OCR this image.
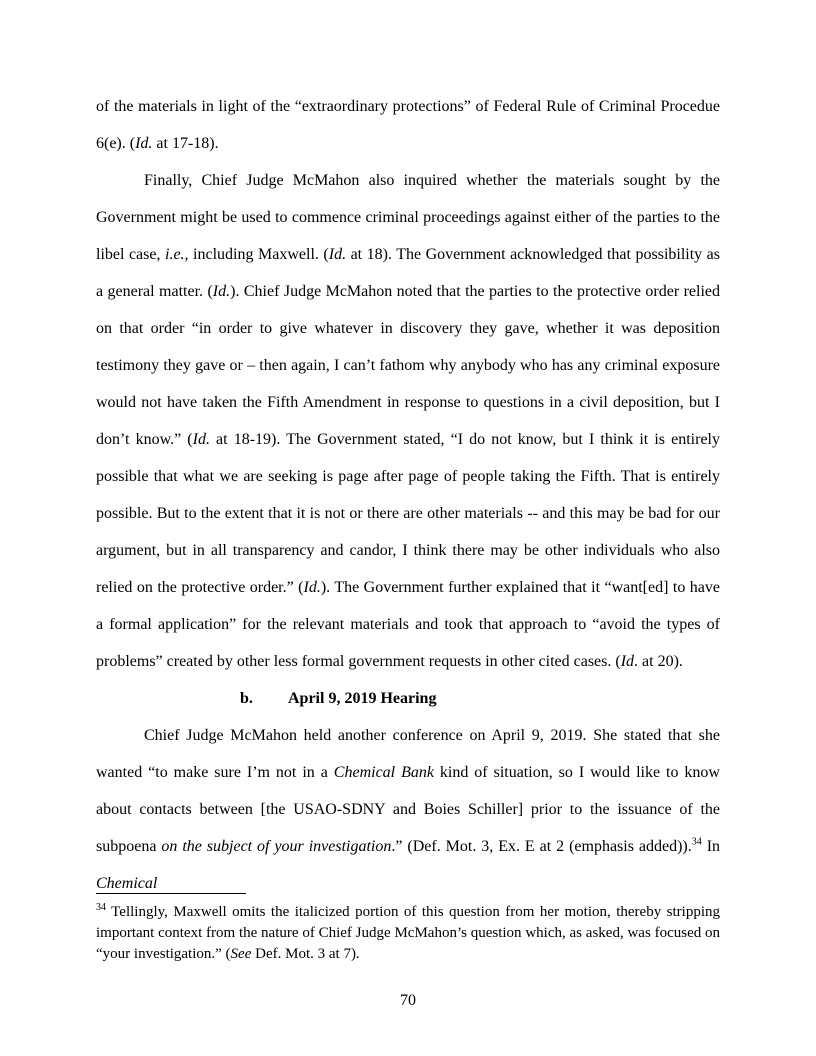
of the materials in light of the “extraordinary protections” of Federal Rule of Criminal Procedue 6(e). (Id. at 17-18).

Finally, Chief Judge McMahon also inquired whether the materials sought by the Government might be used to commence criminal proceedings against either of the parties to the libel case, i.e., including Maxwell. (Id. at 18). The Government acknowledged that possibility as a general matter. (Id.). Chief Judge McMahon noted that the parties to the protective order relied on that order “in order to give whatever in discovery they gave, whether it was deposition testimony they gave or – then again, I can’t fathom why anybody who has any criminal exposure would not have taken the Fifth Amendment in response to questions in a civil deposition, but I don’t know.” (Id. at 18-19). The Government stated, “I do not know, but I think it is entirely possible that what we are seeking is page after page of people taking the Fifth. That is entirely possible. But to the extent that it is not or there are other materials -- and this may be bad for our argument, but in all transparency and candor, I think there may be other individuals who also relied on the protective order.” (Id.). The Government further explained that it “want[ed] to have a formal application” for the relevant materials and took that approach to “avoid the types of problems” created by other less formal government requests in other cited cases. (Id. at 20).

b. April 9, 2019 Hearing

Chief Judge McMahon held another conference on April 9, 2019. She stated that she wanted “to make sure I’m not in a Chemical Bank kind of situation, so I would like to know about contacts between [the USAO-SDNY and Boies Schiller] prior to the issuance of the subpoena on the subject of your investigation.” (Def. Mot. 3, Ex. E at 2 (emphasis added)).$^{34}$ In Chemical

$^{34}$ Tellingly, Maxwell omits the italicized portion of this question from her motion, thereby stripping important context from the nature of Chief Judge McMahon’s question which, as asked, was focused on “your investigation.” (See Def. Mot. 3 at 7).

70
